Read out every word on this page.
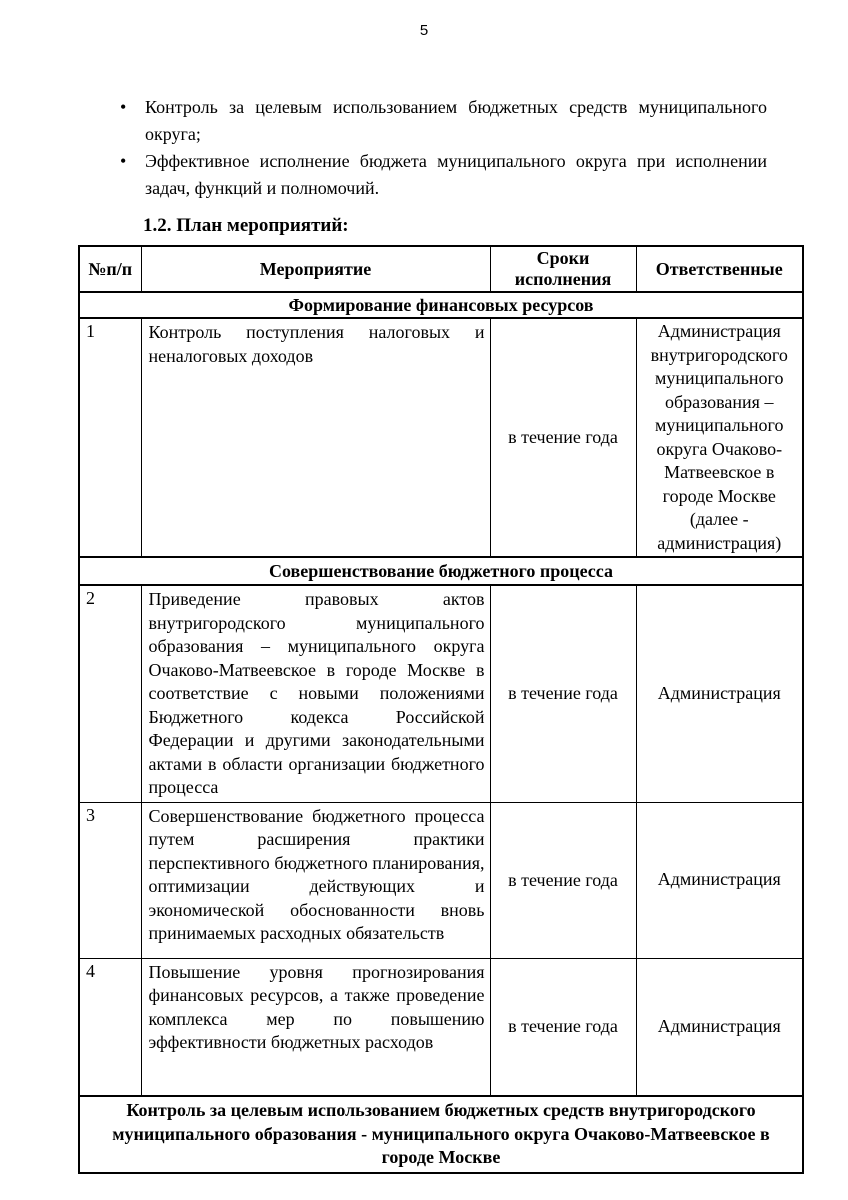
5
• Контроль за целевым использованием бюджетных средств муниципального округа;
• Эффективное исполнение бюджета муниципального округа при исполнении задач, функций и полномочий.
1.2. План мероприятий:
№п/п	Мероприятие	Сроки исполнения	Ответственные
Формирование финансовых ресурсов			
1	Контроль поступления налоговых и неналоговых доходов	в течение года	Администрация внутригородского муниципального образования – муниципального округа Очаково-Матвеевское в городе Москве (далее - администрация)
Совершенствование бюджетного процесса			
2	Приведение правовых актов внутригородского муниципального образования – муниципального округа Очаково-Матвеевское в городе Москве в соответствие с новыми положениями Бюджетного кодекса Российской Федерации и другими законодательными актами в области организации бюджетного процесса	в течение года	Администрация
3	Совершенствование бюджетного процесса путем расширения практики перспективного бюджетного планирования, оптимизации действующих и экономической обоснованности вновь принимаемых расходных обязательств	в течение года	Администрация
4	Повышение уровня прогнозирования финансовых ресурсов, а также проведение комплекса мер по повышению эффективности бюджетных расходов	в течение года	Администрация
Контроль за целевым использованием бюджетных средств внутригородского муниципального образования - муниципального округа Очаково-Матвеевское в городе Москве			
